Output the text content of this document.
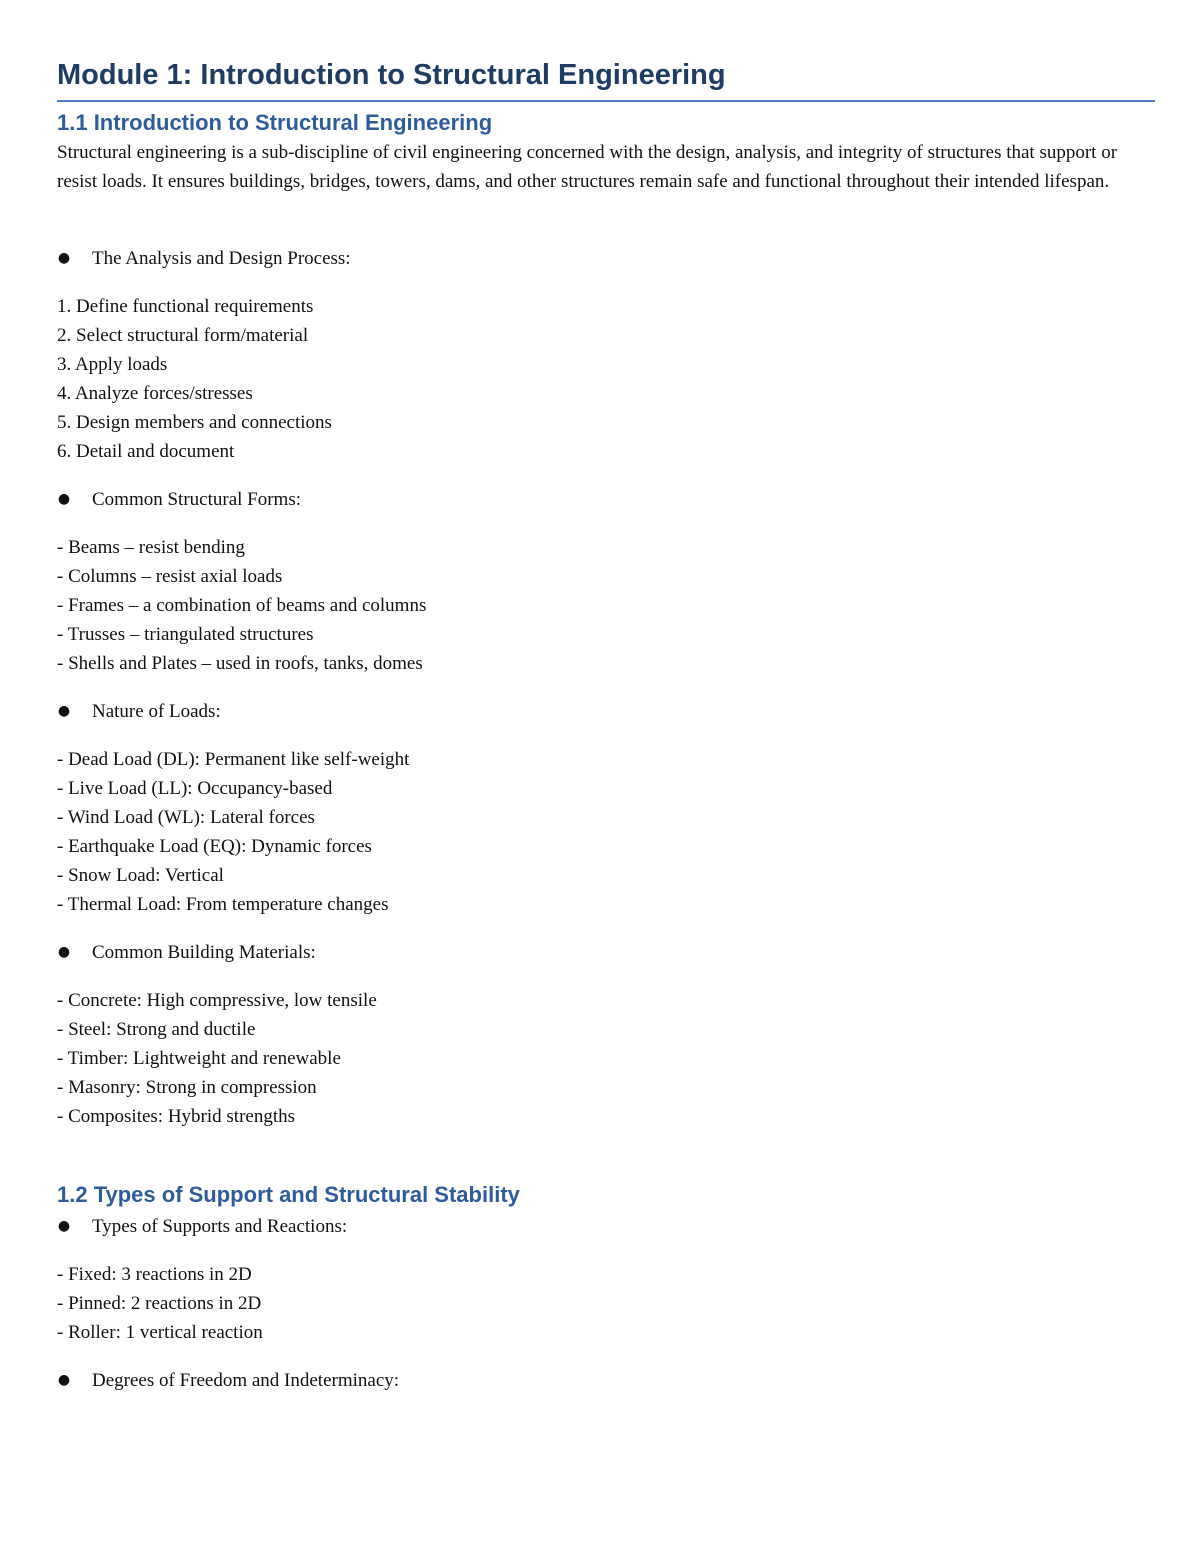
Module 1: Introduction to Structural Engineering
1.1 Introduction to Structural Engineering

Structural engineering is a sub-discipline of civil engineering concerned with the design, analysis, and integrity of structures that support or resist loads. It ensures buildings, bridges, towers, dams, and other structures remain safe and functional throughout their intended lifespan.

● The Analysis and Design Process:

1. Define functional requirements

2. Select structural form/material

3. Apply loads

4. Analyze forces/stresses

5. Design members and connections

6. Detail and document

● Common Structural Forms:

- Beams – resist bending

- Columns – resist axial loads

- Frames – a combination of beams and columns

- Trusses – triangulated structures

- Shells and Plates – used in roofs, tanks, domes

● Nature of Loads:

- Dead Load (DL): Permanent like self-weight

- Live Load (LL): Occupancy-based

- Wind Load (WL): Lateral forces

- Earthquake Load (EQ): Dynamic forces

- Snow Load: Vertical

- Thermal Load: From temperature changes

● Common Building Materials:

- Concrete: High compressive, low tensile

- Steel: Strong and ductile

- Timber: Lightweight and renewable

- Masonry: Strong in compression

- Composites: Hybrid strengths

1.2 Types of Support and Structural Stability
● Types of Supports and Reactions:

- Fixed: 3 reactions in 2D

- Pinned: 2 reactions in 2D

- Roller: 1 vertical reaction

● Degrees of Freedom and Indeterminacy:
